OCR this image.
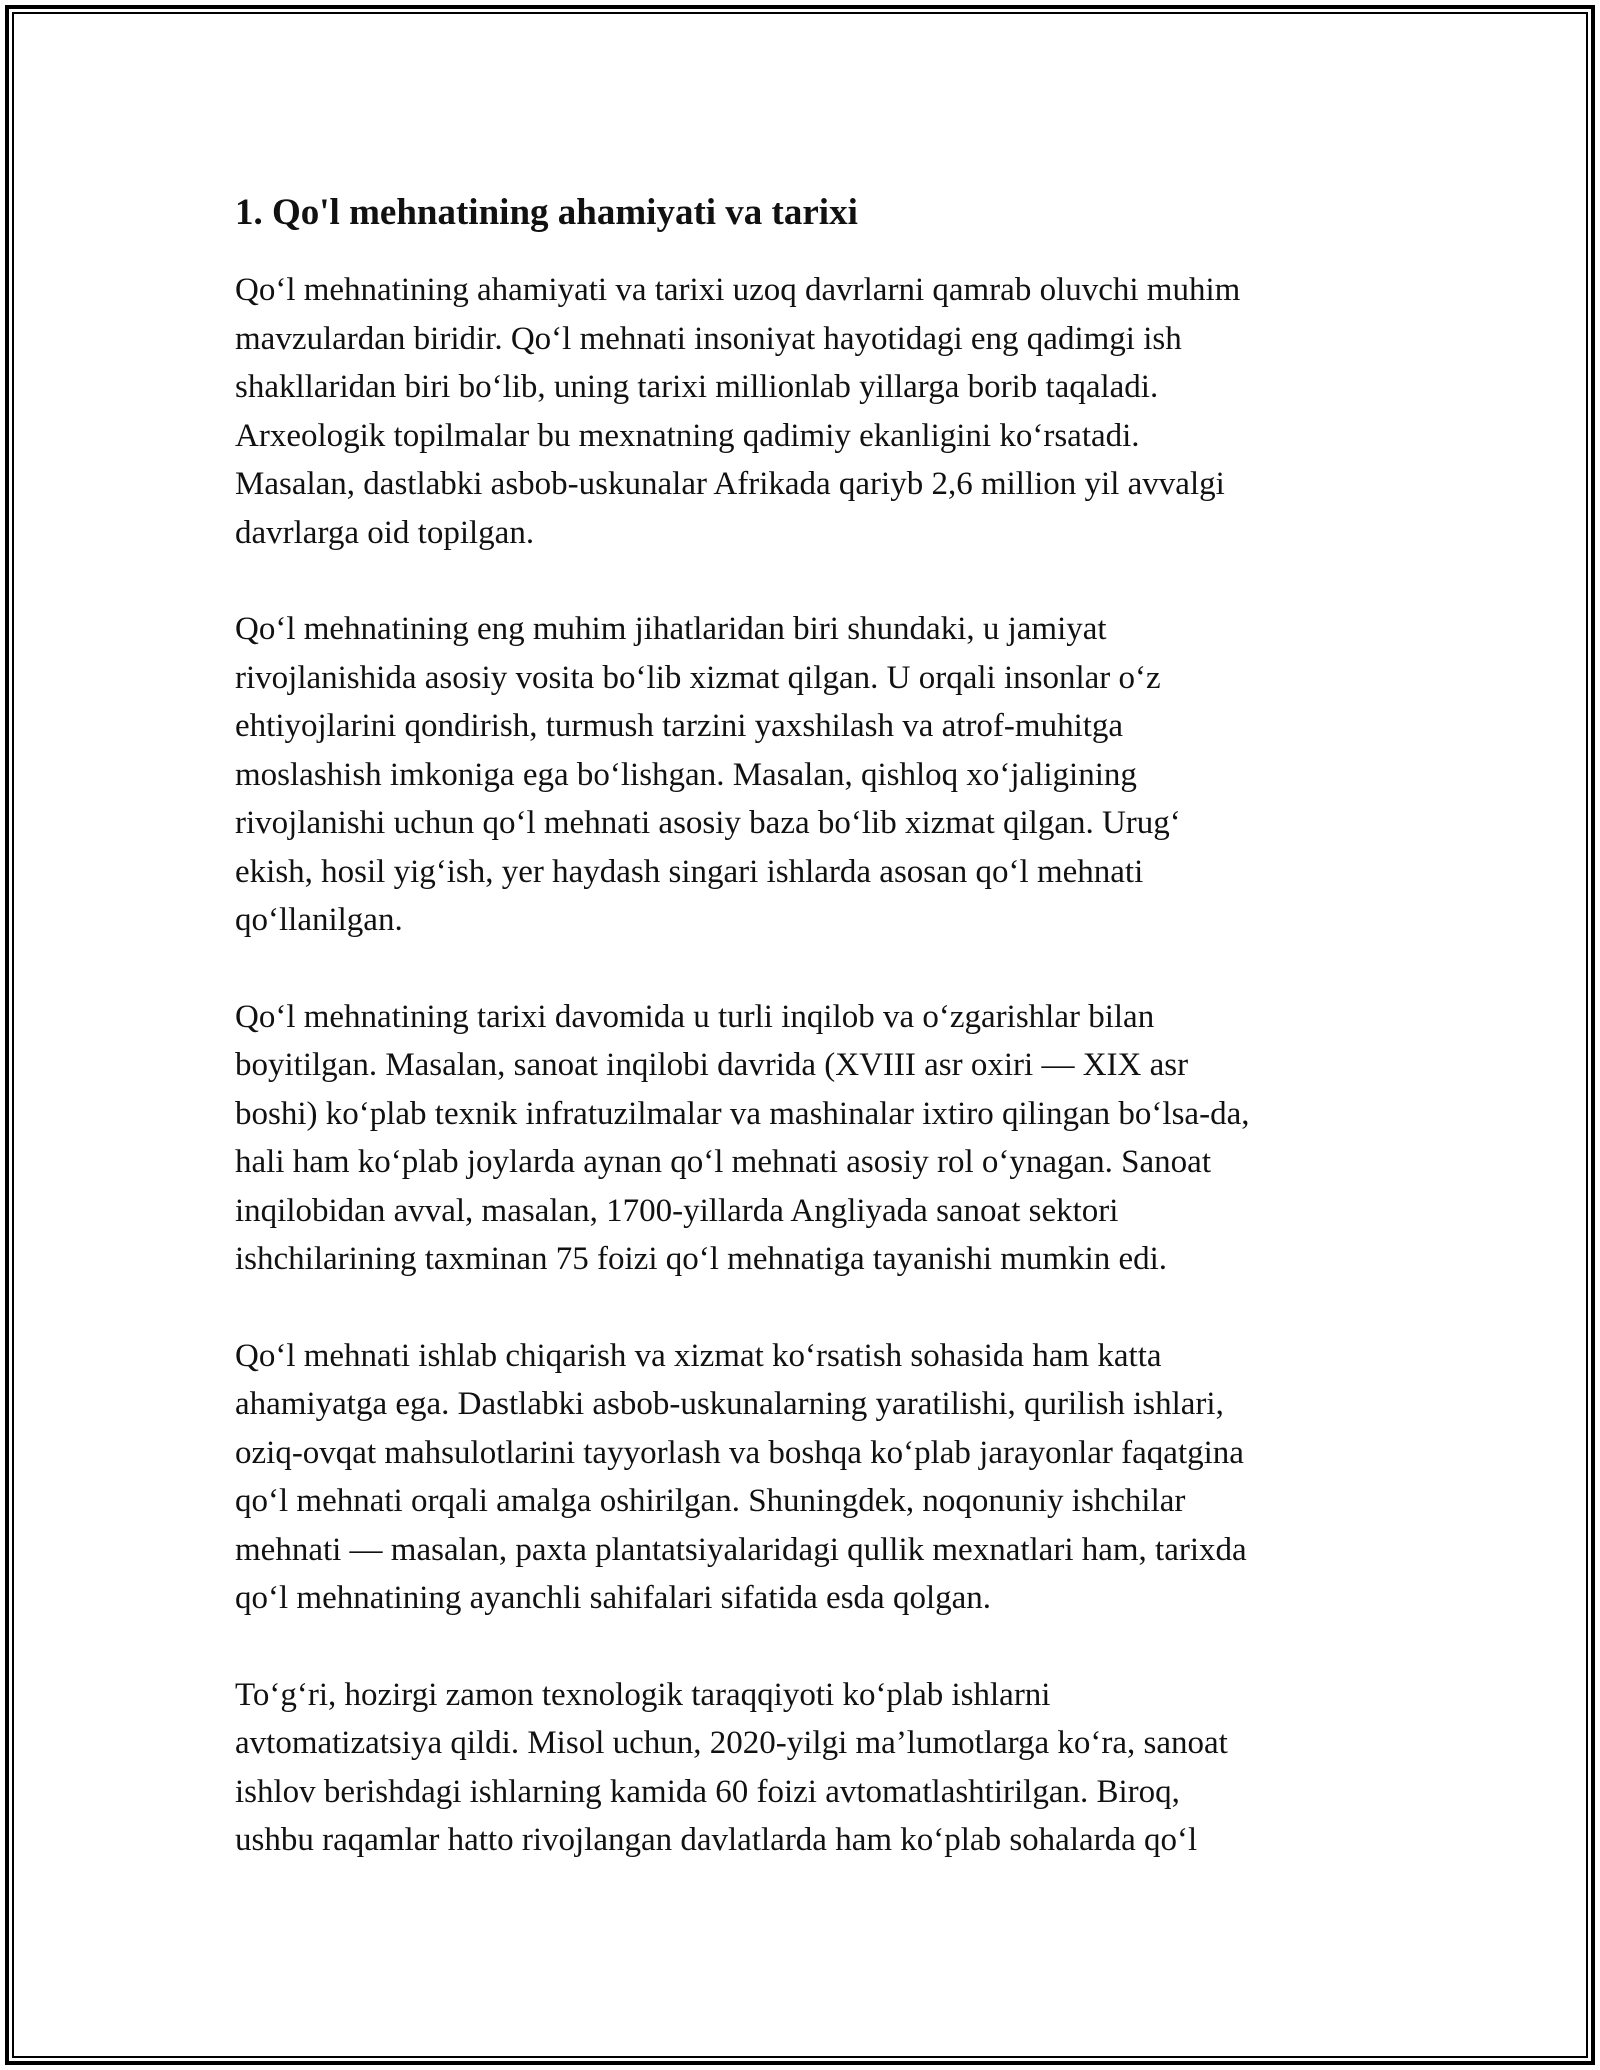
1. Qo'l mehnatining ahamiyati va tarixi

Qo‘l mehnatining ahamiyati va tarixi uzoq davrlarni qamrab oluvchi muhim
mavzulardan biridir. Qo‘l mehnati insoniyat hayotidagi eng qadimgi ish
shakllaridan biri bo‘lib, uning tarixi millionlab yillarga borib taqaladi.
Arxeologik topilmalar bu mexnatning qadimiy ekanligini ko‘rsatadi.
Masalan, dastlabki asbob-uskunalar Afrikada qariyb 2,6 million yil avvalgi
davrlarga oid topilgan.

Qo‘l mehnatining eng muhim jihatlaridan biri shundaki, u jamiyat
rivojlanishida asosiy vosita bo‘lib xizmat qilgan. U orqali insonlar o‘z
ehtiyojlarini qondirish, turmush tarzini yaxshilash va atrof-muhitga
moslashish imkoniga ega bo‘lishgan. Masalan, qishloq xo‘jaligining
rivojlanishi uchun qo‘l mehnati asosiy baza bo‘lib xizmat qilgan. Urug‘
ekish, hosil yig‘ish, yer haydash singari ishlarda asosan qo‘l mehnati
qo‘llanilgan.

Qo‘l mehnatining tarixi davomida u turli inqilob va o‘zgarishlar bilan
boyitilgan. Masalan, sanoat inqilobi davrida (XVIII asr oxiri — XIX asr
boshi) ko‘plab texnik infratuzilmalar va mashinalar ixtiro qilingan bo‘lsa-da,
hali ham ko‘plab joylarda aynan qo‘l mehnati asosiy rol o‘ynagan. Sanoat
inqilobidan avval, masalan, 1700-yillarda Angliyada sanoat sektori
ishchilarining taxminan 75 foizi qo‘l mehnatiga tayanishi mumkin edi.

Qo‘l mehnati ishlab chiqarish va xizmat ko‘rsatish sohasida ham katta
ahamiyatga ega. Dastlabki asbob-uskunalarning yaratilishi, qurilish ishlari,
oziq-ovqat mahsulotlarini tayyorlash va boshqa ko‘plab jarayonlar faqatgina
qo‘l mehnati orqali amalga oshirilgan. Shuningdek, noqonuniy ishchilar
mehnati — masalan, paxta plantatsiyalaridagi qullik mexnatlari ham, tarixda
qo‘l mehnatining ayanchli sahifalari sifatida esda qolgan.

To‘g‘ri, hozirgi zamon texnologik taraqqiyoti ko‘plab ishlarni
avtomatizatsiya qildi. Misol uchun, 2020-yilgi ma’lumotlarga ko‘ra, sanoat
ishlov berishdagi ishlarning kamida 60 foizi avtomatlashtirilgan. Biroq,
ushbu raqamlar hatto rivojlangan davlatlarda ham ko‘plab sohalarda qo‘l
